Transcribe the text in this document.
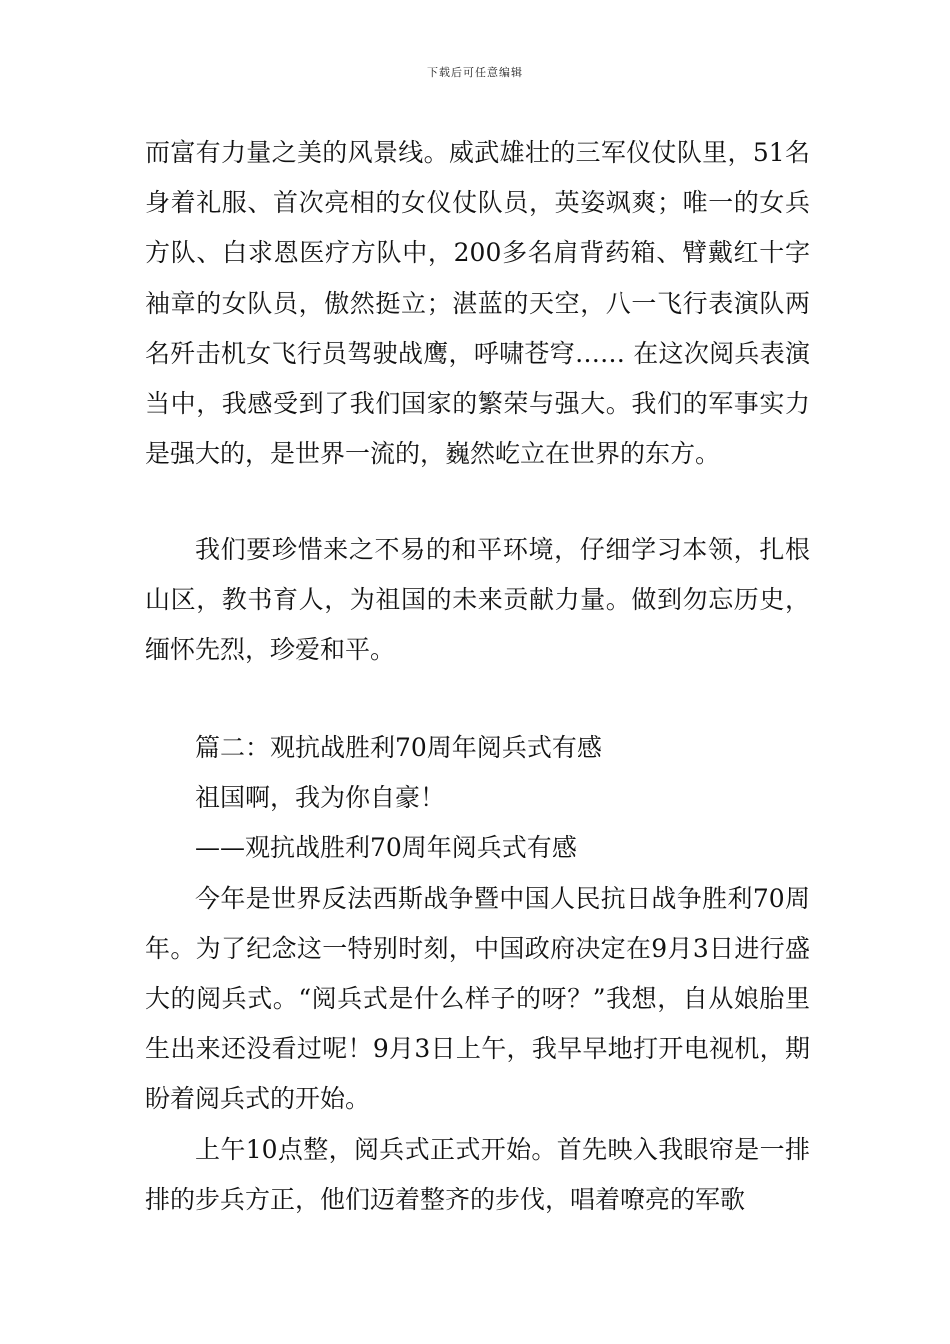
下载后可任意编辑

而富有力量之美的风景线。威武雄壮的三军仪仗队里，51名身着礼服、首次亮相的女仪仗队员，英姿飒爽；唯一的女兵方队、白求恩医疗方队中，200多名肩背药箱、臂戴红十字袖章的女队员，傲然挺立；湛蓝的天空，八一飞行表演队两名歼击机女飞行员驾驶战鹰，呼啸苍穹…… 在这次阅兵表演当中，我感受到了我们国家的繁荣与强大。我们的军事实力是强大的，是世界一流的，巍然屹立在世界的东方。

我们要珍惜来之不易的和平环境，仔细学习本领，扎根山区，教书育人，为祖国的未来贡献力量。做到勿忘历史，缅怀先烈，珍爱和平。

篇二：观抗战胜利70周年阅兵式有感

祖国啊，我为你自豪！

——观抗战胜利70周年阅兵式有感

今年是世界反法西斯战争暨中国人民抗日战争胜利70周年。为了纪念这一特别时刻，中国政府决定在9月3日进行盛大的阅兵式。“阅兵式是什么样子的呀？”我想，自从娘胎里生出来还没看过呢！9月3日上午，我早早地打开电视机，期盼着阅兵式的开始。

上午10点整，阅兵式正式开始。首先映入我眼帘是一排排的步兵方正，他们迈着整齐的步伐，唱着嘹亮的军歌
